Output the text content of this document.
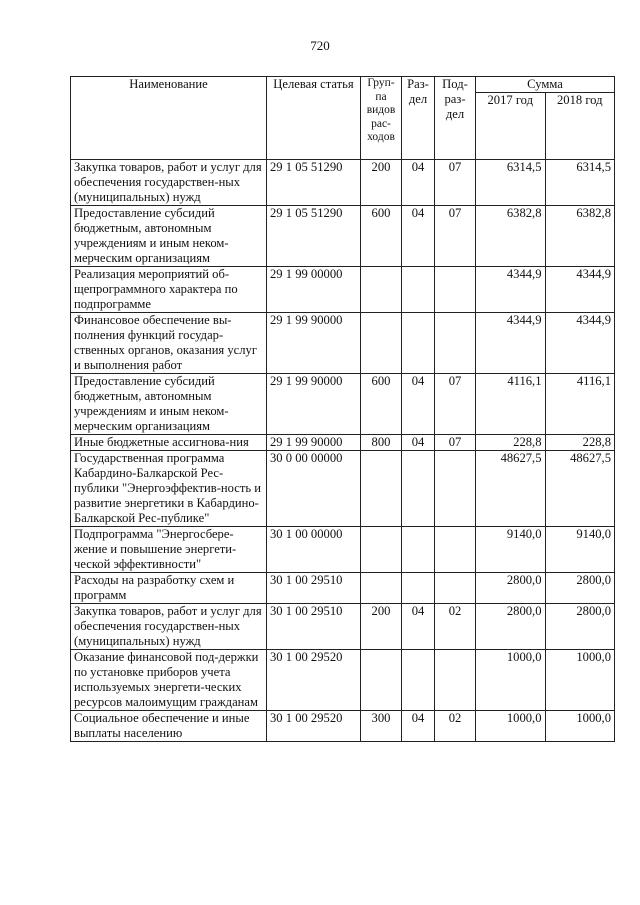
720
Наименование	Целевая статья	Груп-па видов рас-ходов	Раз-дел	Под-раз-дел	Сумма	
					2017 год	2018 год
Закупка товаров, работ и услуг для обеспечения государствен-ных (муниципальных) нужд	29 1 05 51290	200	04	07	6314,5	6314,5
Предоставление субсидий бюджетным, автономным учреждениям и иным неком-мерческим организациям	29 1 05 51290	600	04	07	6382,8	6382,8
Реализация мероприятий об-щепрограммного характера по подпрограмме	29 1 99 00000				4344,9	4344,9
Финансовое обеспечение вы-полнения функций государ-ственных органов, оказания услуг и выполнения работ	29 1 99 90000				4344,9	4344,9
Предоставление субсидий бюджетным, автономным учреждениям и иным неком-мерческим организациям	29 1 99 90000	600	04	07	4116,1	4116,1
Иные бюджетные ассигнова-ния	29 1 99 90000	800	04	07	228,8	228,8
Государственная программа Кабардино-Балкарской Рес-публики "Энергоэффектив-ность и развитие энергетики в Кабардино-Балкарской Рес-публике"	30 0 00 00000				48627,5	48627,5
Подпрограмма "Энергосбере-жение и повышение энергети-ческой эффективности"	30 1 00 00000				9140,0	9140,0
Расходы на разработку схем и программ	30 1 00 29510				2800,0	2800,0
Закупка товаров, работ и услуг для обеспечения государствен-ных (муниципальных) нужд	30 1 00 29510	200	04	02	2800,0	2800,0
Оказание финансовой под-держки по установке приборов учета используемых энергети-ческих ресурсов малоимущим гражданам	30 1 00 29520				1000,0	1000,0
Социальное обеспечение и иные выплаты населению	30 1 00 29520	300	04	02	1000,0	1000,0
